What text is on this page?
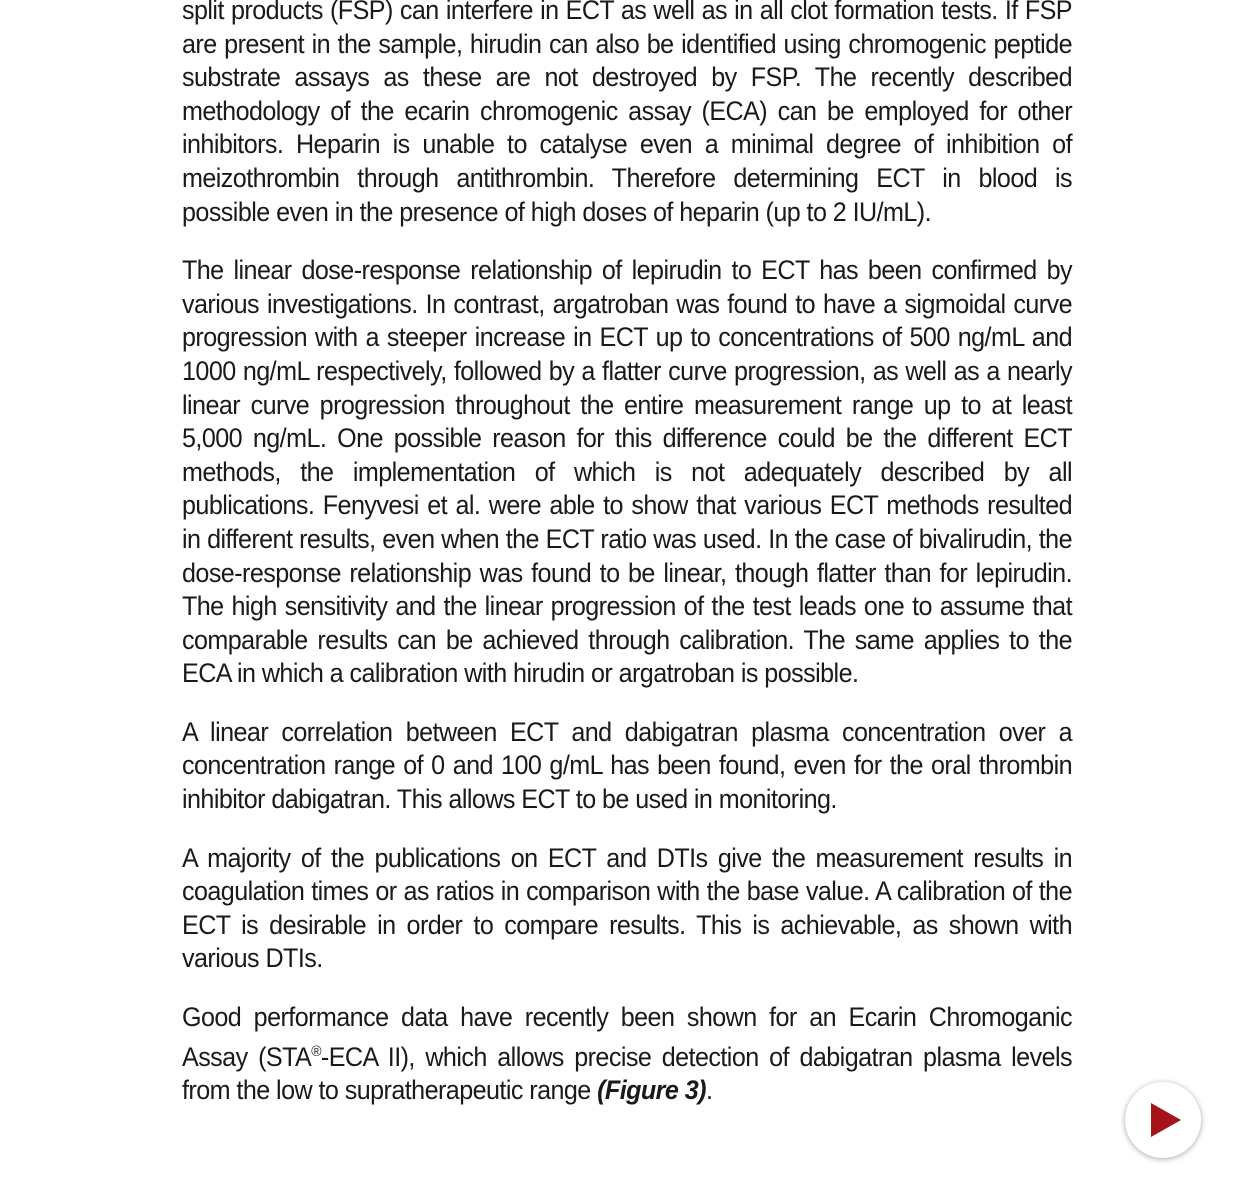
split products (FSP) can interfere in ECT as well as in all clot formation tests. If FSP are present in the sample, hirudin can also be identified using chromogenic peptide substrate assays as these are not destroyed by FSP. The recently described methodology of the ecarin chromogenic assay (ECA) can be employed for other inhibitors. Heparin is unable to catalyse even a minimal degree of inhibition of meizothrombin through antithrombin. Therefore determining ECT in blood is possible even in the presence of high doses of heparin (up to 2 IU/mL).

The linear dose-response relationship of lepirudin to ECT has been confirmed by various investigations. In contrast, argatroban was found to have a sigmoidal curve progression with a steeper increase in ECT up to concentrations of 500 ng/mL and 1000 ng/mL respectively, followed by a flatter curve progression, as well as a nearly linear curve progression throughout the entire measurement range up to at least 5,000 ng/mL. One possible reason for this difference could be the different ECT methods, the implementation of which is not adequately described by all publications. Fenyvesi et al. were able to show that various ECT methods resulted in different results, even when the ECT ratio was used. In the case of bivalirudin, the dose-response relationship was found to be linear, though flatter than for lepirudin. The high sensitivity and the linear progression of the test leads one to assume that comparable results can be achieved through calibration. The same applies to the ECA in which a calibration with hirudin or argatroban is possible.

A linear correlation between ECT and dabigatran plasma concentration over a concentration range of 0 and 100 g/mL has been found, even for the oral thrombin inhibitor dabigatran. This allows ECT to be used in monitoring.

A majority of the publications on ECT and DTIs give the measurement results in coagulation times or as ratios in comparison with the base value. A calibration of the ECT is desirable in order to compare results. This is achievable, as shown with various DTIs.

Good performance data have recently been shown for an Ecarin Chromoganic Assay (STA®-ECA II), which allows precise detection of dabigatran plasma levels from the low to supratherapeutic range (Figure 3).
